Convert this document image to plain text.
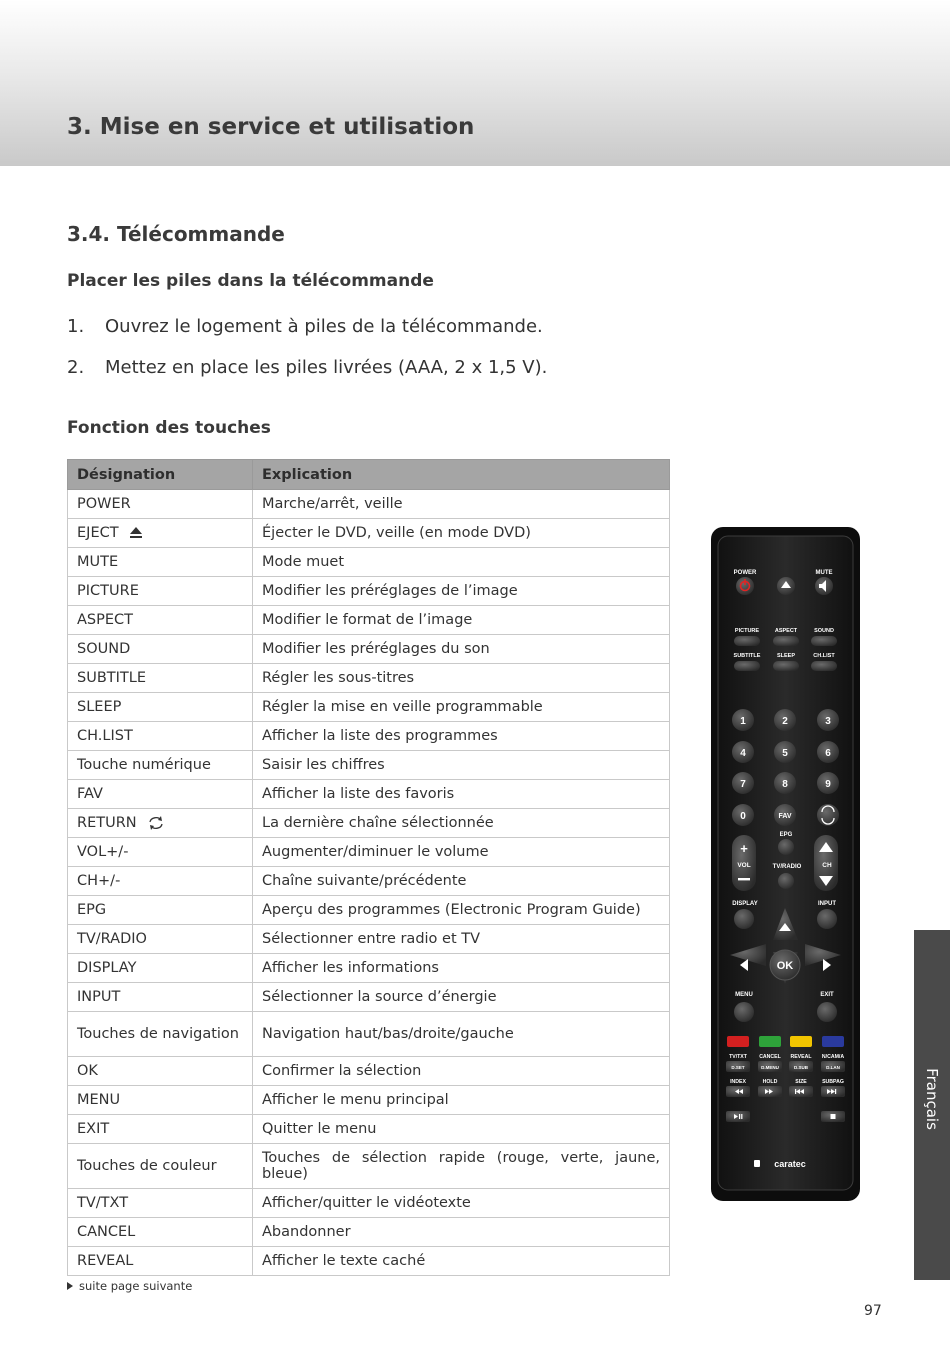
3. Mise en service et utilisation
3.4. Télécommande
Placer les piles dans la télécommande
1. Ouvrez le logement à piles de la télécommande.
2. Mettez en place les piles livrées (AAA, 2 x 1,5 V).
Fonction des touches
Désignation	Explication
POWER	Marche/arrêt, veille
EJECT	Éjecter le DVD, veille (en mode DVD)
MUTE	Mode muet
PICTURE	Modifier les préréglages de l’image
ASPECT	Modifier le format de l’image
SOUND	Modifier les préréglages du son
SUBTITLE	Régler les sous-titres
SLEEP	Régler la mise en veille programmable
CH.LIST	Afficher la liste des programmes
Touche numérique	Saisir les chiffres
FAV	Afficher la liste des favoris
RETURN	La dernière chaîne sélectionnée
VOL+/-	Augmenter/diminuer le volume
CH+/-	Chaîne suivante/précédente
EPG	Aperçu des programmes (Electronic Program Guide)
TV/RADIO	Sélectionner entre radio et TV
DISPLAY	Afficher les informations
INPUT	Sélectionner la source d’énergie
Touches de navigation	Navigation haut/bas/droite/gauche
OK	Confirmer la sélection
MENU	Afficher le menu principal
EXIT	Quitter le menu
Touches de couleur	Touches de sélection rapide (rouge, verte, jaune, bleue)
TV/TXT	Afficher/quitter le vidéotexte
CANCEL	Abandonner
REVEAL	Afficher le texte caché
suite page suivante
97
Français
POWER	MUTE
PICTURE	ASPECT	SOUND
SUBTITLE	SLEEP	CH.LIST
1	2	3
4	5	6
7	8	9
0	FAV
EPG
+
VOL	TV/RADIO	CH
DISPLAY	INPUT
OK
MENU	EXIT
TV/TXT CANCEL REVEAL N/CAM/A
INDEX	HOLD	SIZE	SUBPAG
D.SET	D.MENU	D.SUB	D.LAN
caratec
